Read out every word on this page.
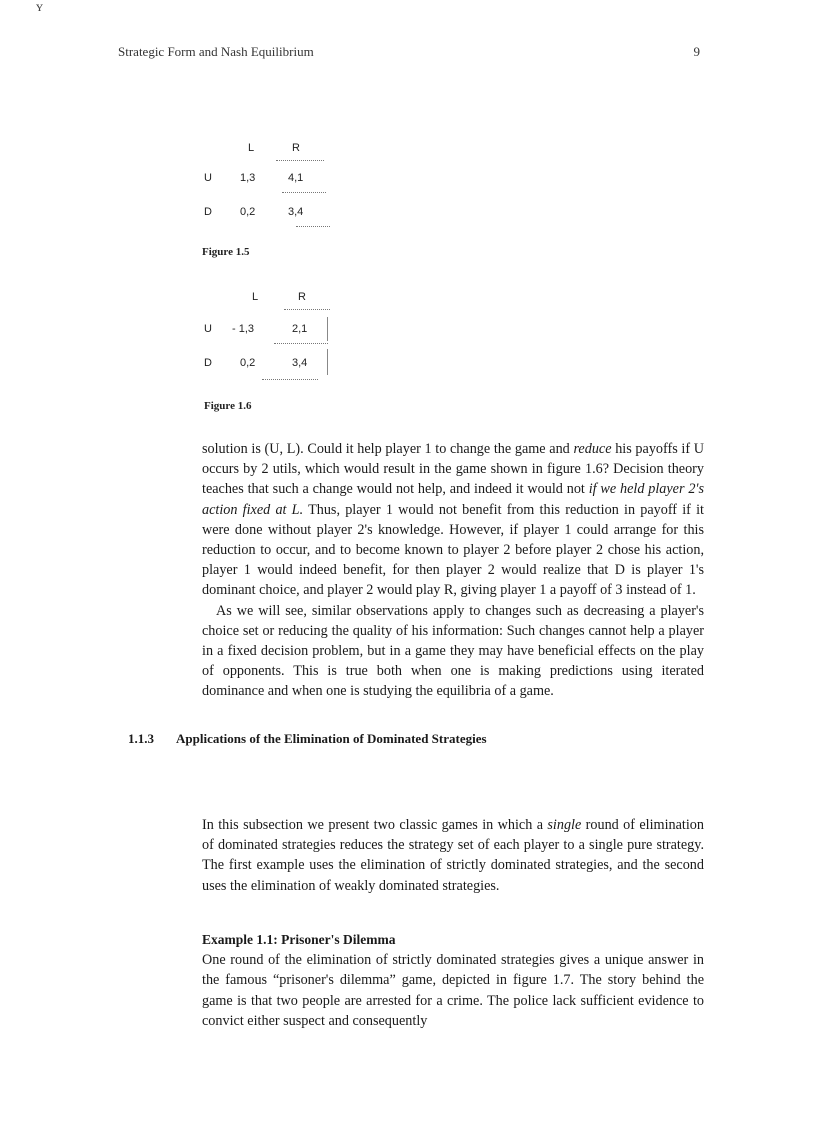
Strategic Form and Nash Equilibrium	9
L	R
U	1,3	4,1
D	0,2	3,4
Figure 1.5
L	R
U - 1,3	2,1
D	0,2	3,4
Figure 1.6

solution is (U, L). Could it help player 1 to change the game and reduce his payoffs if U occurs by 2 utils, which would result in the game shown in figure 1.6? Decision theory teaches that such a change would not help, and indeed it would not if we held player 2's action fixed at L. Thus, player 1 would not benefit from this reduction in payoff if it were done without player 2's knowledge. However, if player 1 could arrange for this reduction to occur, and to become known to player 2 before player 2 chose his action, player 1 would indeed benefit, for then player 2 would realize that D is player 1's dominant choice, and player 2 would play R, giving player 1 a payoff of 3 instead of 1.

As we will see, similar observations apply to changes such as decreasing a player's choice set or reducing the quality of his information: Such changes cannot help a player in a fixed decision problem, but in a game they may have beneficial effects on the play of opponents. This is true both when one is making predictions using iterated dominance and when one is studying the equilibria of a game.

1.1.3 Applications of the Elimination of Dominated Strategies

In this subsection we present two classic games in which a single round of elimination of dominated strategies reduces the strategy set of each player to a single pure strategy. The first example uses the elimination of strictly dominated strategies, and the second uses the elimination of weakly dominated strategies.

Example 1.1: Prisoner's Dilemma

One round of the elimination of strictly dominated strategies gives a unique answer in the famous “prisoner's dilemma” game, depicted in figure 1.7. The story behind the game is that two people are arrested for a crime. The police lack sufficient evidence to convict either suspect and consequently

ʏ
